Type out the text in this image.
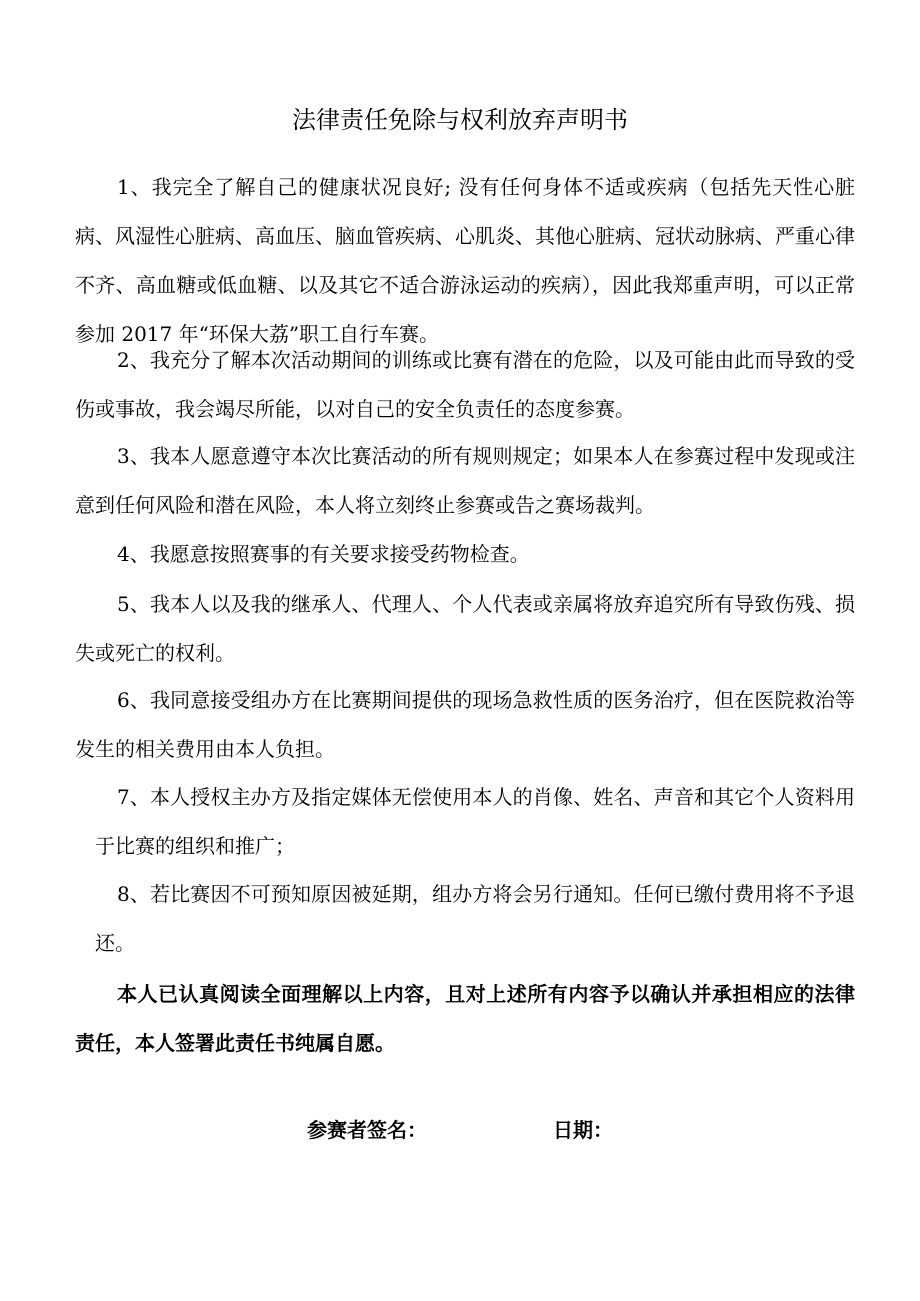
法律责任免除与权利放弃声明书

1、我完全了解自己的健康状况良好; 没有任何身体不适或疾病（包括先天性心脏病、风湿性心脏病、高血压、脑血管疾病、心肌炎、其他心脏病、冠状动脉病、严重心律不齐、高血糖或低血糖、以及其它不适合游泳运动的疾病），因此我郑重声明，可以正常参加 2017 年“环保大荔”职工自行车赛。

2、我充分了解本次活动期间的训练或比赛有潜在的危险，以及可能由此而导致的受伤或事故，我会竭尽所能，以对自己的安全负责任的态度参赛。

3、我本人愿意遵守本次比赛活动的所有规则规定；如果本人在参赛过程中发现或注意到任何风险和潜在风险，本人将立刻终止参赛或告之赛场裁判。

4、我愿意按照赛事的有关要求接受药物检查。

5、我本人以及我的继承人、代理人、个人代表或亲属将放弃追究所有导致伤残、损失或死亡的权利。

6、我同意接受组办方在比赛期间提供的现场急救性质的医务治疗，但在医院救治等发生的相关费用由本人负担。

7、本人授权主办方及指定媒体无偿使用本人的肖像、姓名、声音和其它个人资料用于比赛的组织和推广；

8、若比赛因不可预知原因被延期，组办方将会另行通知。任何已缴付费用将不予退还。

本人已认真阅读全面理解以上内容，且对上述所有内容予以确认并承担相应的法律责任，本人签署此责任书纯属自愿。

参赛者签名：	日期：
